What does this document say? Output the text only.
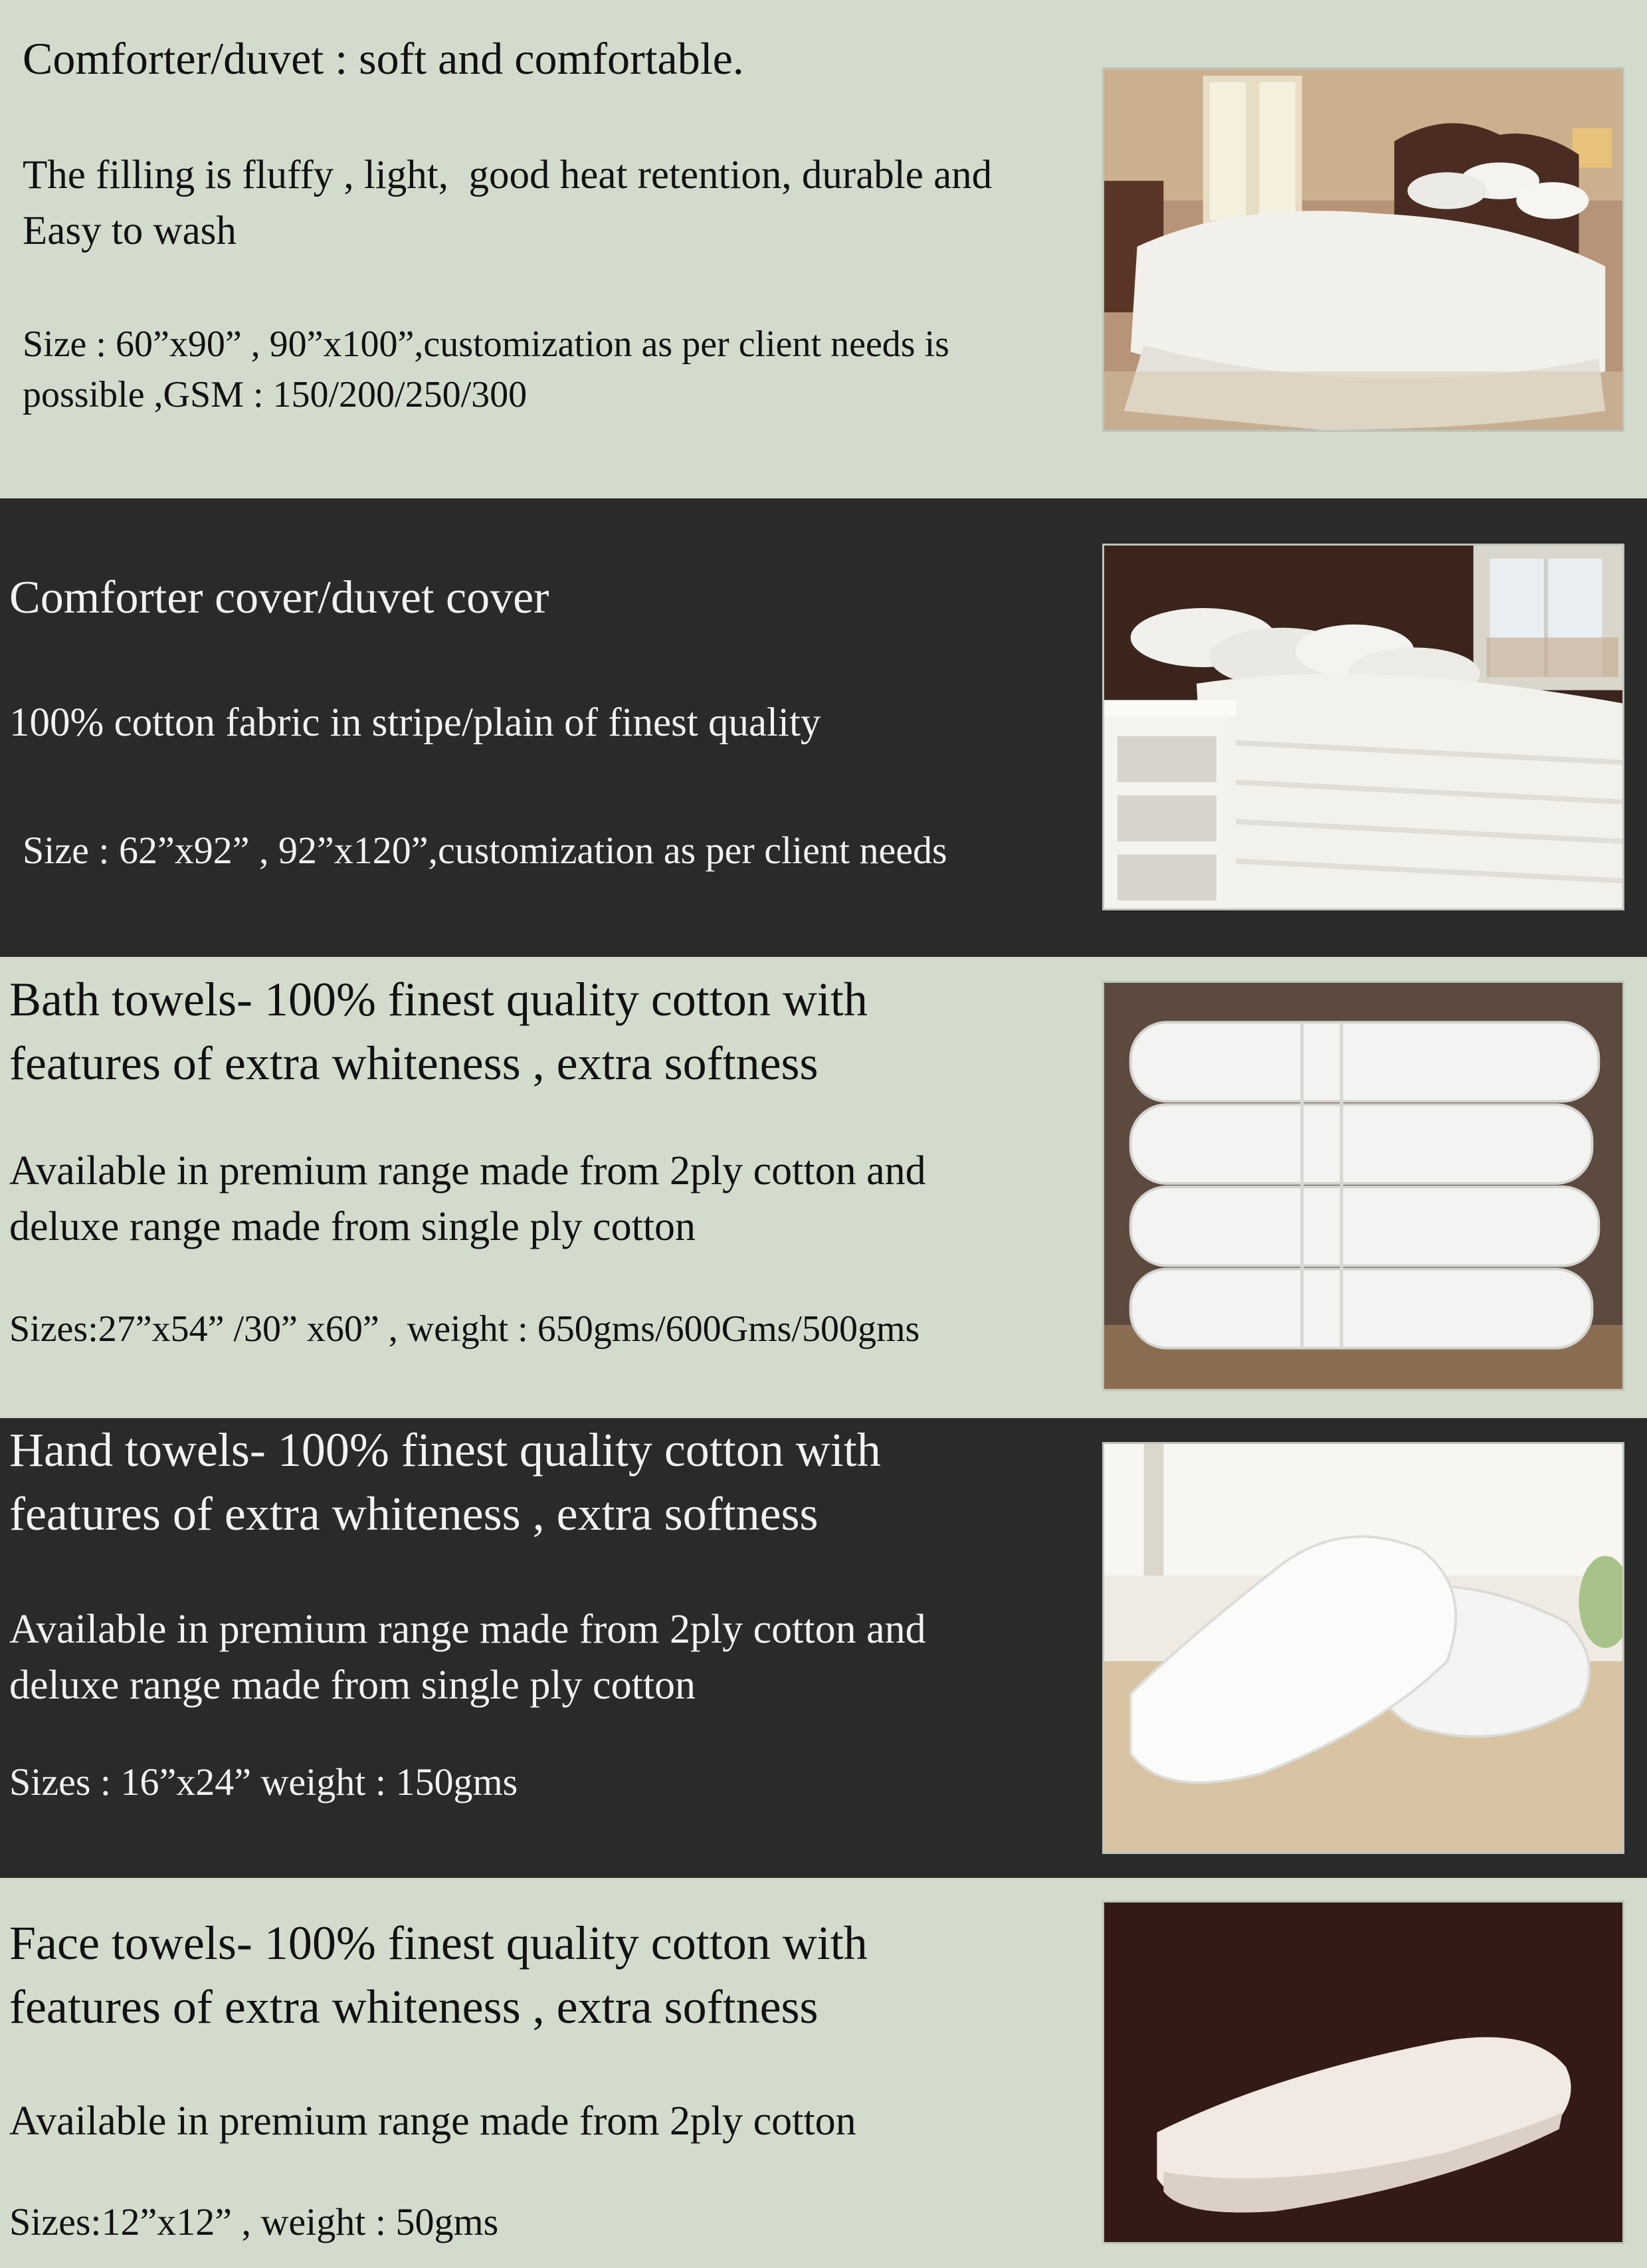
Comforter/duvet : soft and comfortable.

The filling is fluffy , light,  good heat retention, durable and
Easy to wash

Size : 60”x90” , 90”x100”,customization as per client needs is
possible ,GSM : 150/200/250/300

Comforter cover/duvet cover

100% cotton fabric in stripe/plain of finest quality

Size : 62”x92” , 92”x120”,customization as per client needs

Bath towels- 100% finest quality cotton with
features of extra whiteness , extra softness

Available in premium range made from 2ply cotton and
deluxe range made from single ply cotton

Sizes:27”x54” /30” x60” , weight : 650gms/600Gms/500gms

Hand towels- 100% finest quality cotton with
features of extra whiteness , extra softness

Available in premium range made from 2ply cotton and
deluxe range made from single ply cotton

Sizes : 16”x24” weight : 150gms

Face towels- 100% finest quality cotton with
features of extra whiteness , extra softness

Available in premium range made from 2ply cotton

Sizes:12”x12” , weight : 50gms
